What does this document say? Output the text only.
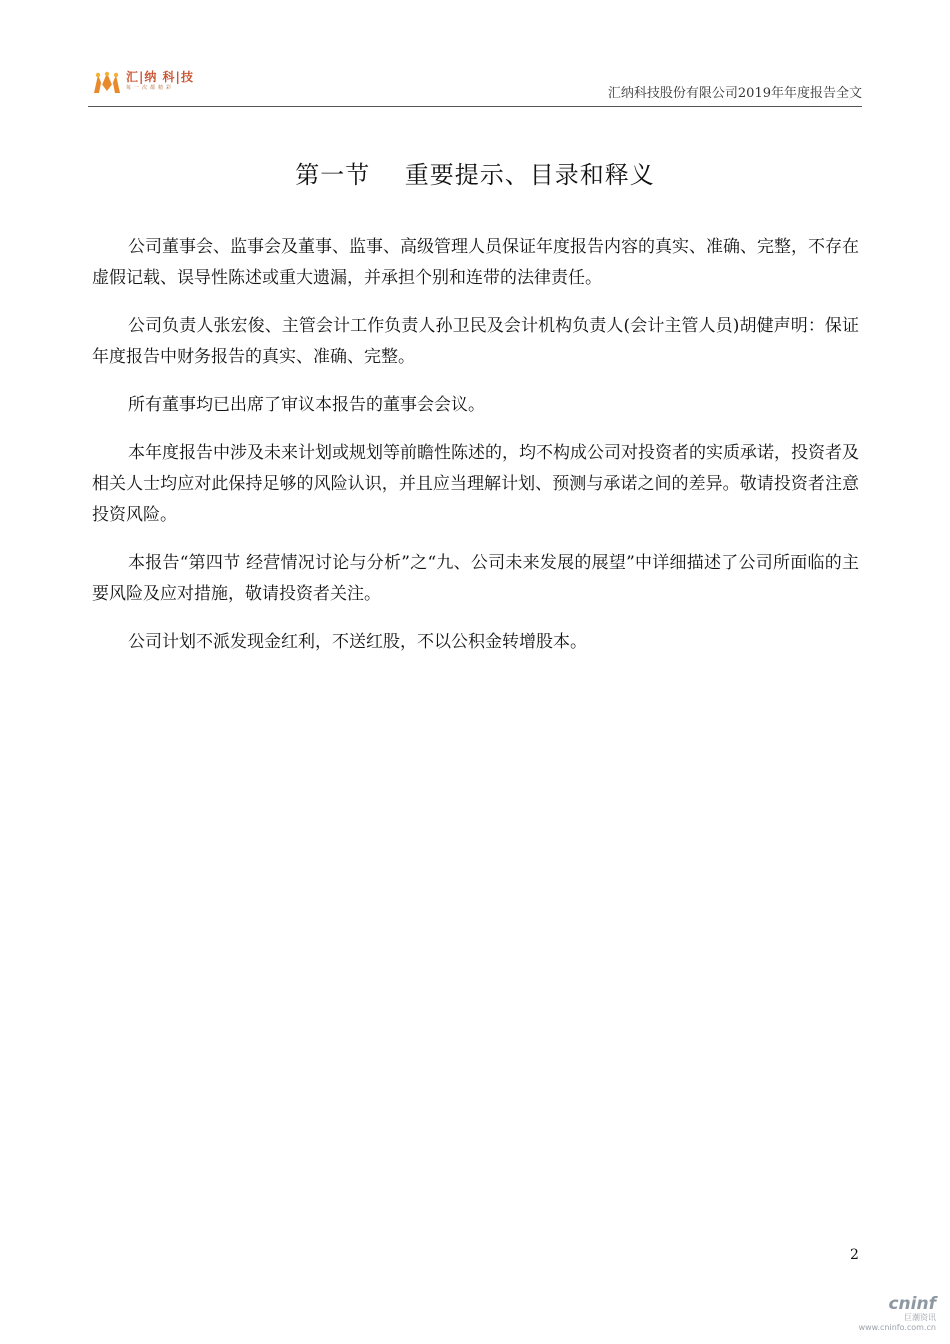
汇|纳 科|技
每一次都精彩	汇纳科技股份有限公司2019年年度报告全文
第一节    重要提示、目录和释义

公司董事会、监事会及董事、监事、高级管理人员保证年度报告内容的真实、准确、完整，不存在虚假记载、误导性陈述或重大遗漏，并承担个别和连带的法律责任。

公司负责人张宏俊、主管会计工作负责人孙卫民及会计机构负责人(会计主管人员)胡健声明：保证年度报告中财务报告的真实、准确、完整。

所有董事均已出席了审议本报告的董事会会议。

本年度报告中涉及未来计划或规划等前瞻性陈述的，均不构成公司对投资者的实质承诺，投资者及相关人士均应对此保持足够的风险认识，并且应当理解计划、预测与承诺之间的差异。敬请投资者注意投资风险。

本报告“第四节 经营情况讨论与分析”之“九、公司未来发展的展望”中详细描述了公司所面临的主要风险及应对措施，敬请投资者关注。

公司计划不派发现金红利，不送红股，不以公积金转增股本。

2
cninf
巨潮资讯
www.cninfo.com.cn
